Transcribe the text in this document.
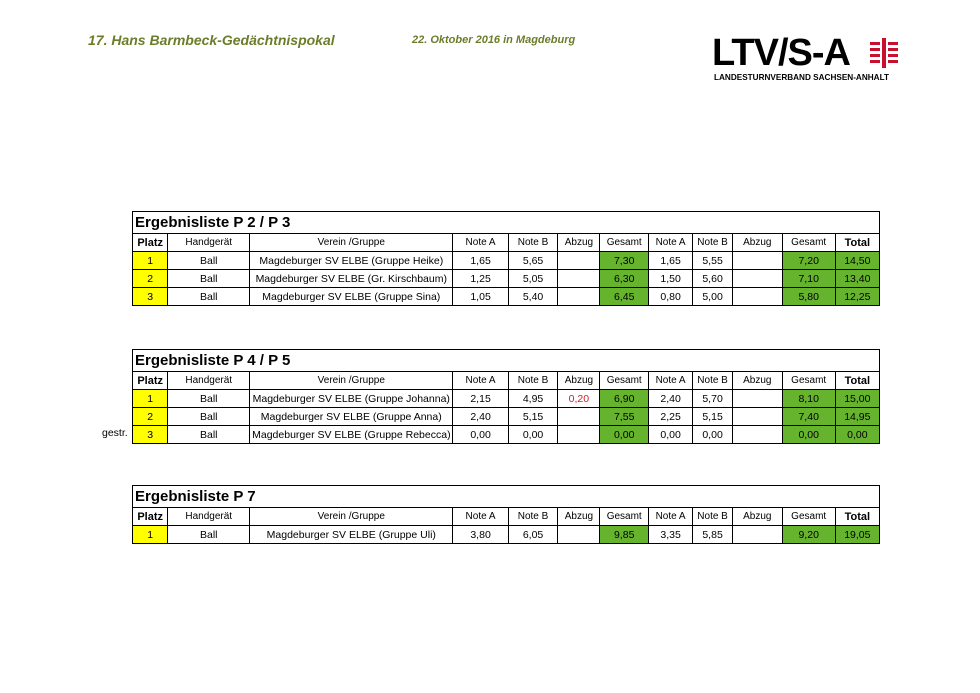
17. Hans Barmbeck-Gedächtnispokal	22. Oktober 2016 in Magdeburg	LTV/S-A
LANDESTURNVERBAND SACHSEN-ANHALT
Ergebnisliste P 2 / P 3
Platz	Handgerät	Verein /Gruppe	Note A	Note B	Abzug	Gesamt	Note A	Note B	Abzug	Gesamt	Total
1	Ball	Magdeburger SV ELBE (Gruppe Heike)	1,65	5,65		7,30	1,65	5,55		7,20	14,50
2	Ball	Magdeburger SV ELBE (Gr. Kirschbaum)	1,25	5,05		6,30	1,50	5,60		7,10	13,40
3	Ball	Magdeburger SV ELBE (Gruppe Sina)	1,05	5,40		6,45	0,80	5,00		5,80	12,25
Ergebnisliste P 4 / P 5
Platz	Handgerät	Verein /Gruppe	Note A	Note B	Abzug	Gesamt	Note A	Note B	Abzug	Gesamt	Total
1	Ball	Magdeburger SV ELBE (Gruppe Johanna)	2,15	4,95	0,20	6,90	2,40	5,70		8,10	15,00
2	Ball	Magdeburger SV ELBE (Gruppe Anna)	2,40	5,15		7,55	2,25	5,15		7,40	14,95
3	Ball	Magdeburger SV ELBE (Gruppe Rebecca)	0,00	0,00		0,00	0,00	0,00		0,00	0,00
Ergebnisliste P 7
Platz	Handgerät	Verein /Gruppe	Note A	Note B	Abzug	Gesamt	Note A	Note B	Abzug	Gesamt	Total
1	Ball	Magdeburger SV ELBE (Gruppe Uli)	3,80	6,05		9,85	3,35	5,85		9,20	19,05
gestr.
